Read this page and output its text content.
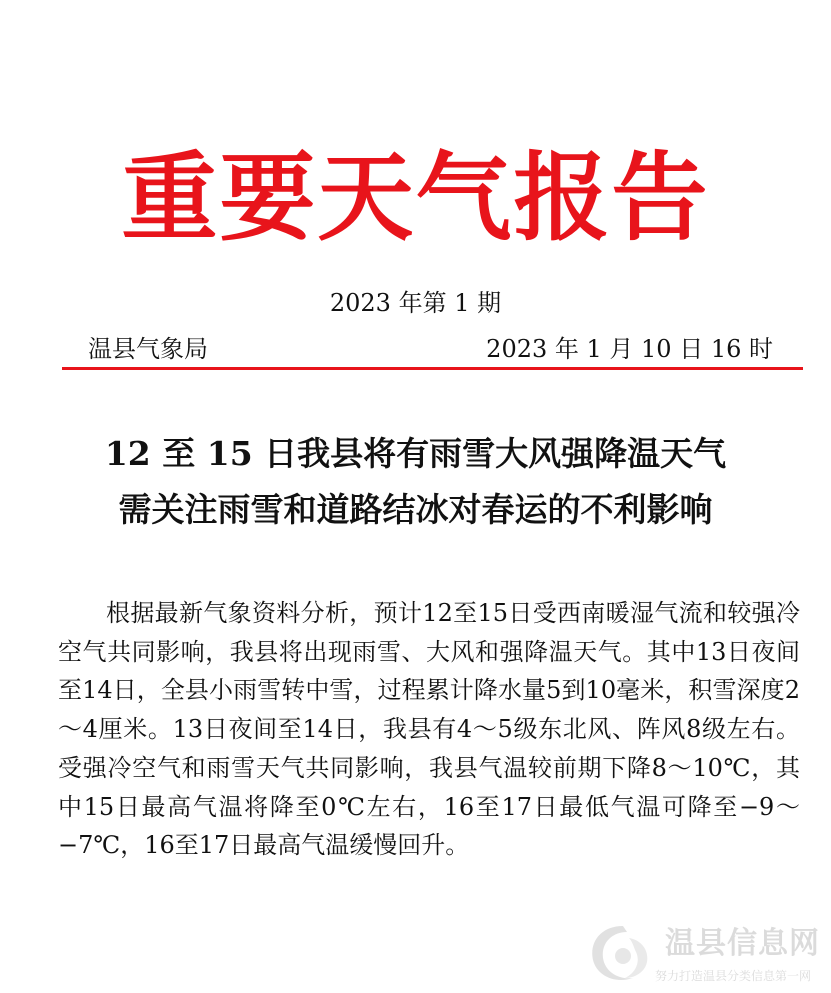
重要天气报告
2023 年第 1 期
温县气象局	2023 年 1 月 10 日 16 时
12 至 15 日我县将有雨雪大风强降温天气
需关注雨雪和道路结冰对春运的不利影响

根据最新气象资料分析，预计12至15日受西南暖湿气流和较强冷空气共同影响，我县将出现雨雪、大风和强降温天气。其中13日夜间至14日，全县小雨雪转中雪，过程累计降水量5到10毫米，积雪深度2～4厘米。13日夜间至14日，我县有4～5级东北风、阵风8级左右。受强冷空气和雨雪天气共同影响，我县气温较前期下降8～10℃，其中15日最高气温将降至0℃左右，16至17日最低气温可降至−9～−7℃，16至17日最高气温缓慢回升。

温县信息网
努力打造温县分类信息第一网
